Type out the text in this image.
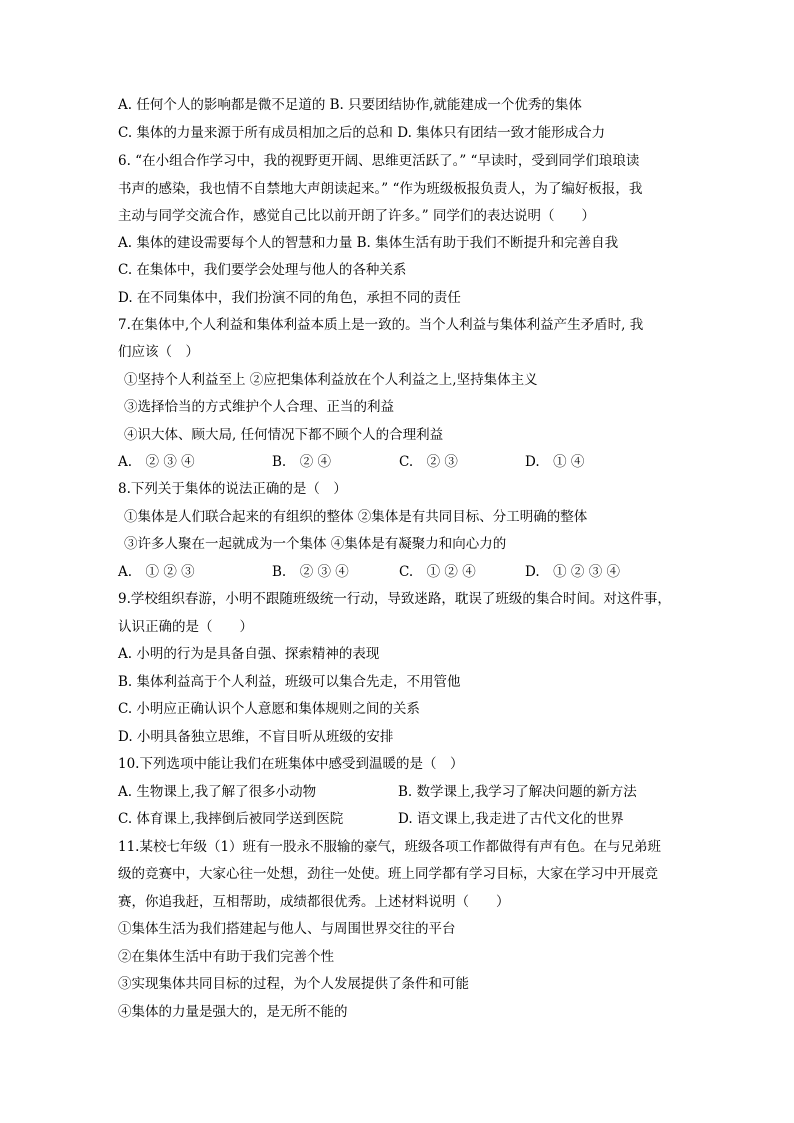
A. 任何个人的影响都是微不足道的 B. 只要团结协作,就能建成一个优秀的集体
C. 集体的力量来源于所有成员相加之后的总和 D. 集体只有团结一致才能形成合力
6. “在小组合作学习中，我的视野更开阔、思维更活跃了。” “早读时，受到同学们琅琅读
书声的感染，我也情不自禁地大声朗读起来。” “作为班级板报负责人，为了编好板报，我
主动与同学交流合作，感觉自己比以前开朗了许多。” 同学们的表达说明（　　）
A. 集体的建设需要每个人的智慧和力量 B. 集体生活有助于我们不断提升和完善自我
C. 在集体中，我们要学会处理与他人的各种关系
D. 在不同集体中，我们扮演不同的角色，承担不同的责任
7.在集体中,个人利益和集体利益本质上是一致的。当个人利益与集体利益产生矛盾时, 我
们应该（　）
①坚持个人利益至上 ②应把集体利益放在个人利益之上,坚持集体主义
③选择恰当的方式维护个人合理、正当的利益
④识大体、顾大局, 任何情况下都不顾个人的合理利益
A.　② ③ ④	B.　② ④	C.　② ③	D.　① ④
8.下列关于集体的说法正确的是（　）
①集体是人们联合起来的有组织的整体 ②集体是有共同目标、分工明确的整体
③许多人聚在一起就成为一个集体 ④集体是有凝聚力和向心力的
A.　① ② ③	B.　② ③ ④	C.　① ② ④	D.　① ② ③ ④
9.学校组织春游，小明不跟随班级统一行动，导致迷路，耽误了班级的集合时间。对这件事，
认识正确的是（　　）
A. 小明的行为是具备自强、探索精神的表现
B. 集体利益高于个人利益，班级可以集合先走，不用管他
C. 小明应正确认识个人意愿和集体规则之间的关系
D. 小明具备独立思维，不盲目听从班级的安排
10.下列选项中能让我们在班集体中感受到温暖的是（　）
A. 生物课上,我了解了很多小动物	B. 数学课上,我学习了解决问题的新方法
C. 体育课上,我摔倒后被同学送到医院	D. 语文课上,我走进了古代文化的世界
11.某校七年级（1）班有一股永不服输的豪气，班级各项工作都做得有声有色。在与兄弟班
级的竞赛中，大家心往一处想，劲往一处使。班上同学都有学习目标，大家在学习中开展竞
赛，你追我赶，互相帮助，成绩都很优秀。上述材料说明（　　）
①集体生活为我们搭建起与他人、与周围世界交往的平台
②在集体生活中有助于我们完善个性
③实现集体共同目标的过程，为个人发展提供了条件和可能
④集体的力量是强大的，是无所不能的
